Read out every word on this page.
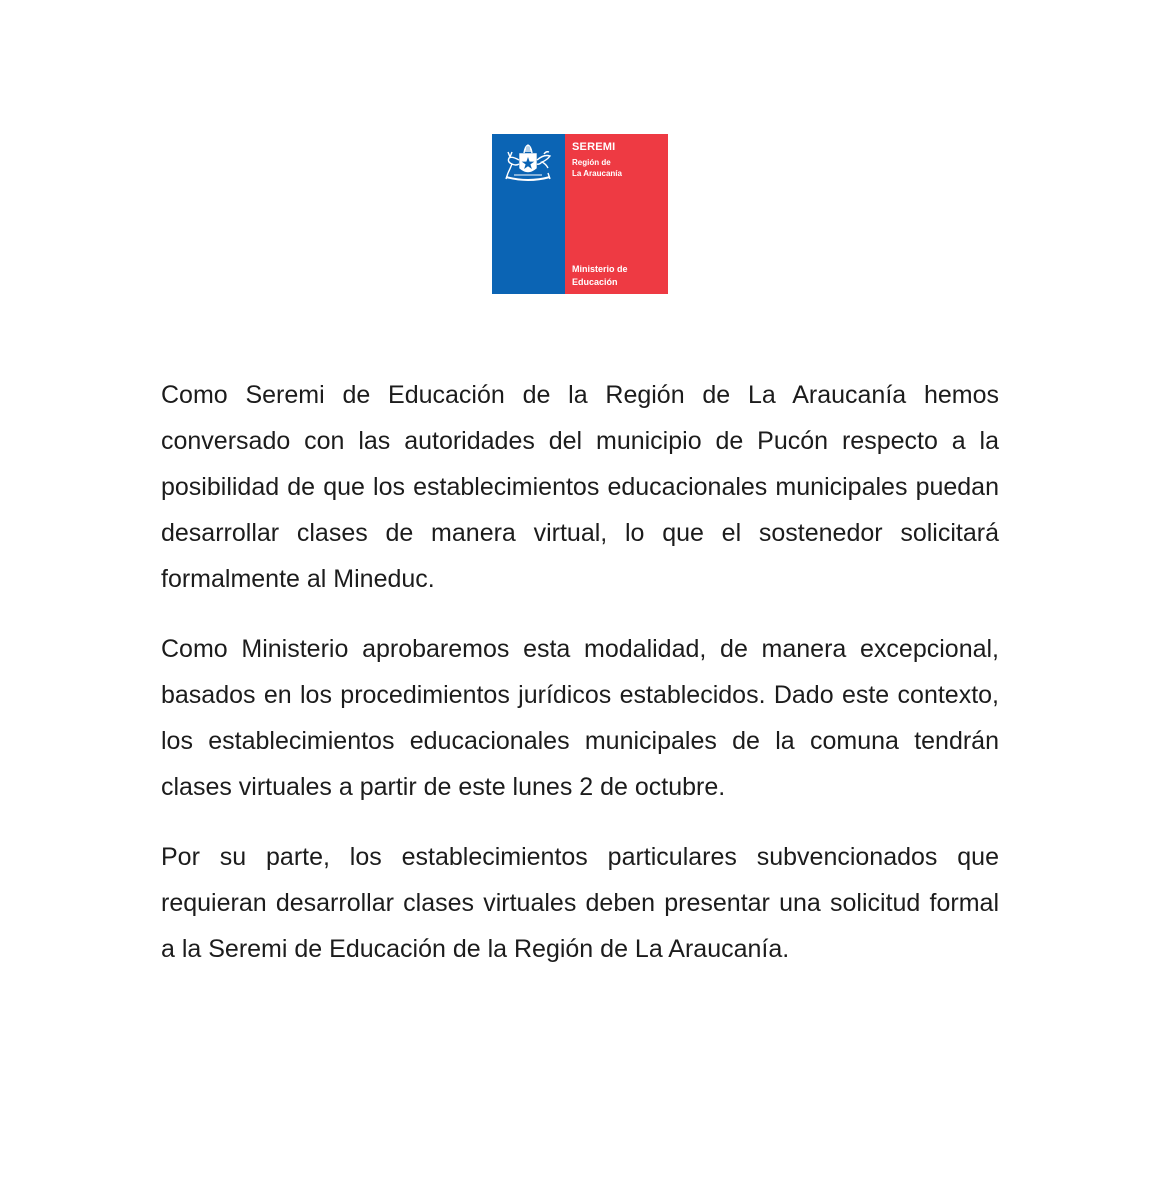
SEREMI
Región de
La Araucanía
Ministerio de
Educación

Como Seremi de Educación de la Región de La Araucanía hemos conversado con las autoridades del municipio de Pucón respecto a la posibilidad de que los establecimientos educacionales municipales puedan desarrollar clases de manera virtual, lo que el sostenedor solicitará formalmente al Mineduc.

Como Ministerio aprobaremos esta modalidad, de manera excepcional, basados en los procedimientos jurídicos establecidos. Dado este contexto, los establecimientos educacionales municipales de la comuna tendrán clases virtuales a partir de este lunes 2 de octubre.

Por su parte, los establecimientos particulares subvencionados que requieran desarrollar clases virtuales deben presentar una solicitud formal a la Seremi de Educación de la Región de La Araucanía.
